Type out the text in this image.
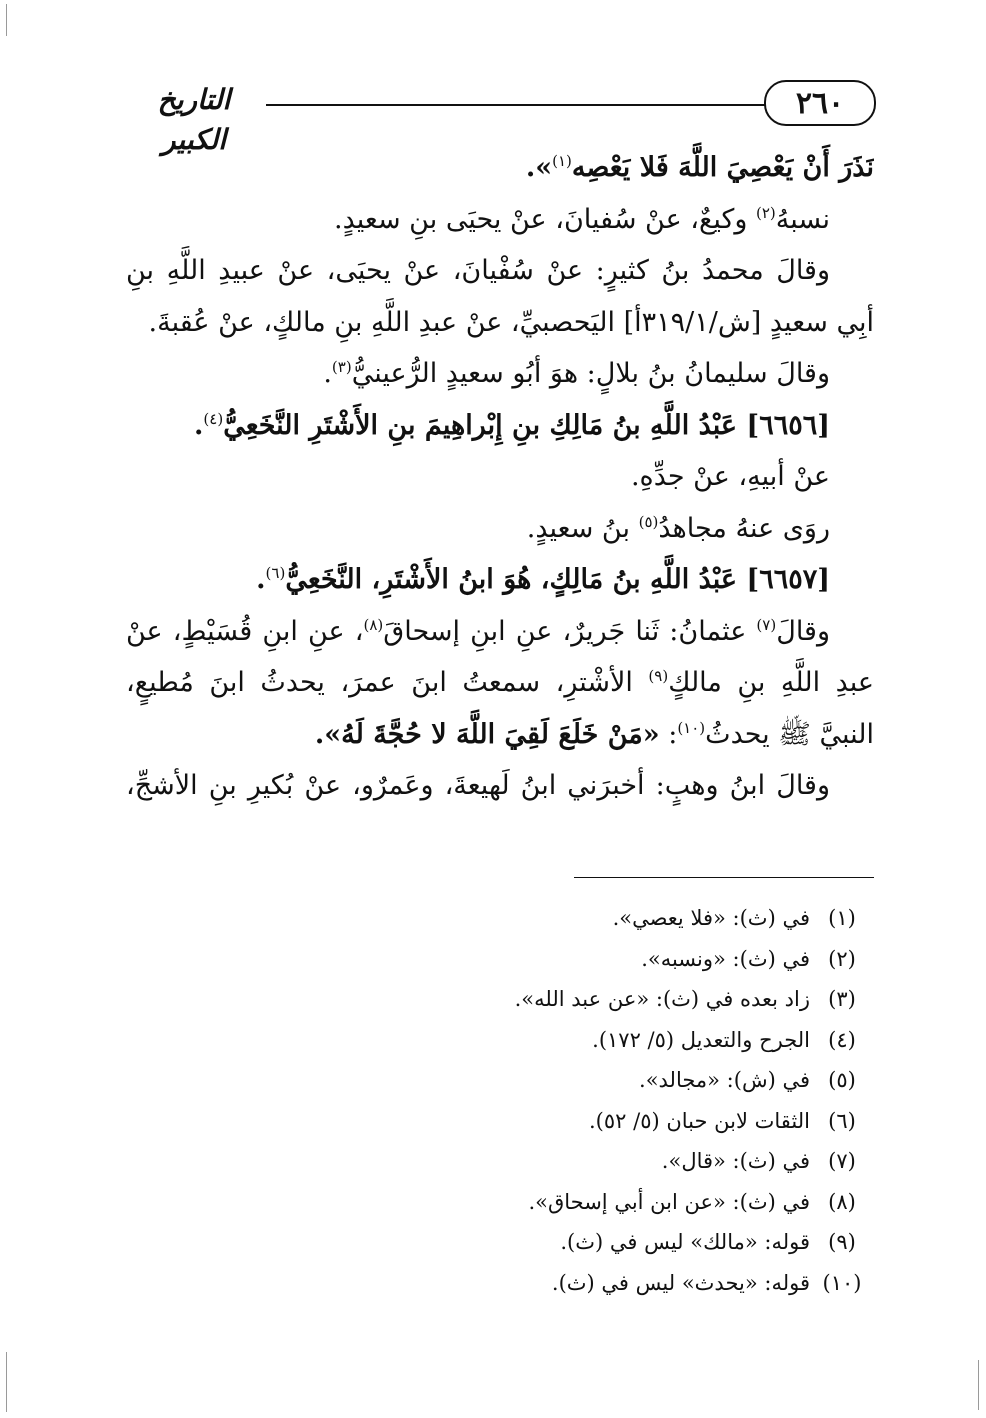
التاريخ الكبير
٢٦٠
نَذَرَ أَنْ يَعْصِيَ اللَّهَ فَلا يَعْصِه$^{(١)}$».
نسبهُ$^{(٢)}$ وكيعٌ، عنْ سُفيانَ، عنْ يحيَى بنِ سعيدٍ.
وقالَ محمدُ بنُ كثيرٍ: عنْ سُفْيانَ، عنْ يحيَى، عنْ عبيدِ اللَّهِ بنِ
أبِي سعيدٍ [ش/٣١٩/١أ] اليَحصبيِّ، عنْ عبدِ اللَّهِ بنِ مالكٍ، عنْ عُقبةَ.
وقالَ سليمانُ بنُ بلالٍ: هوَ أبُو سعيدٍ الرُّعينيُّ$^{(٣)}$.
[٦٦٥٦] عَبْدُ اللَّهِ بنُ مَالِكِ بنِ إِبْراهِيمَ بنِ الأَشْتَرِ النَّخَعِيُّ$^{(٤)}$.
عنْ أبيهِ، عنْ جدِّهِ.
روَى عنهُ مجاهدُ$^{(٥)}$ بنُ سعيدٍ.
[٦٦٥٧] عَبْدُ اللَّهِ بنُ مَالِكٍ، هُوَ ابنُ الأَشْتَرِ، النَّخَعِيُّ$^{(٦)}$.
وقالَ$^{(٧)}$ عثمانُ: ثَنا جَريرٌ، عنِ ابنِ إسحاقَ$^{(٨)}$، عنِ ابنِ قُسَيْطٍ، عنْ
عبدِ اللَّهِ بنِ مالكٍ$^{(٩)}$ الأشْترِ، سمعتُ ابنَ عمرَ، يحدثُ ابنَ مُطيعٍ،
النبيَّ ﷺ يحدثُ$^{(١٠)}$: «مَنْ خَلَعَ لَقِيَ اللَّهَ لا حُجَّةَ لَهُ».
وقالَ ابنُ وهبٍ: أخبرَني ابنُ لَهيعةَ، وعَمرٌو، عنْ بُكيرِ بنِ الأشجِّ،
(١)في (ث): «فلا يعصي».
(٢)في (ث): «ونسبه».
(٣)زاد بعده في (ث): «عن عبد الله».
(٤)الجرح والتعديل (٥/ ١٧٢).
(٥)في (ش): «مجالد».
(٦)الثقات لابن حبان (٥/ ٥٢).
(٧)في (ث): «قال».
(٨)في (ث): «عن ابن أبي إسحاق».
(٩)قوله: «مالك» ليس في (ث).
(١٠)قوله: «يحدث» ليس في (ث).
